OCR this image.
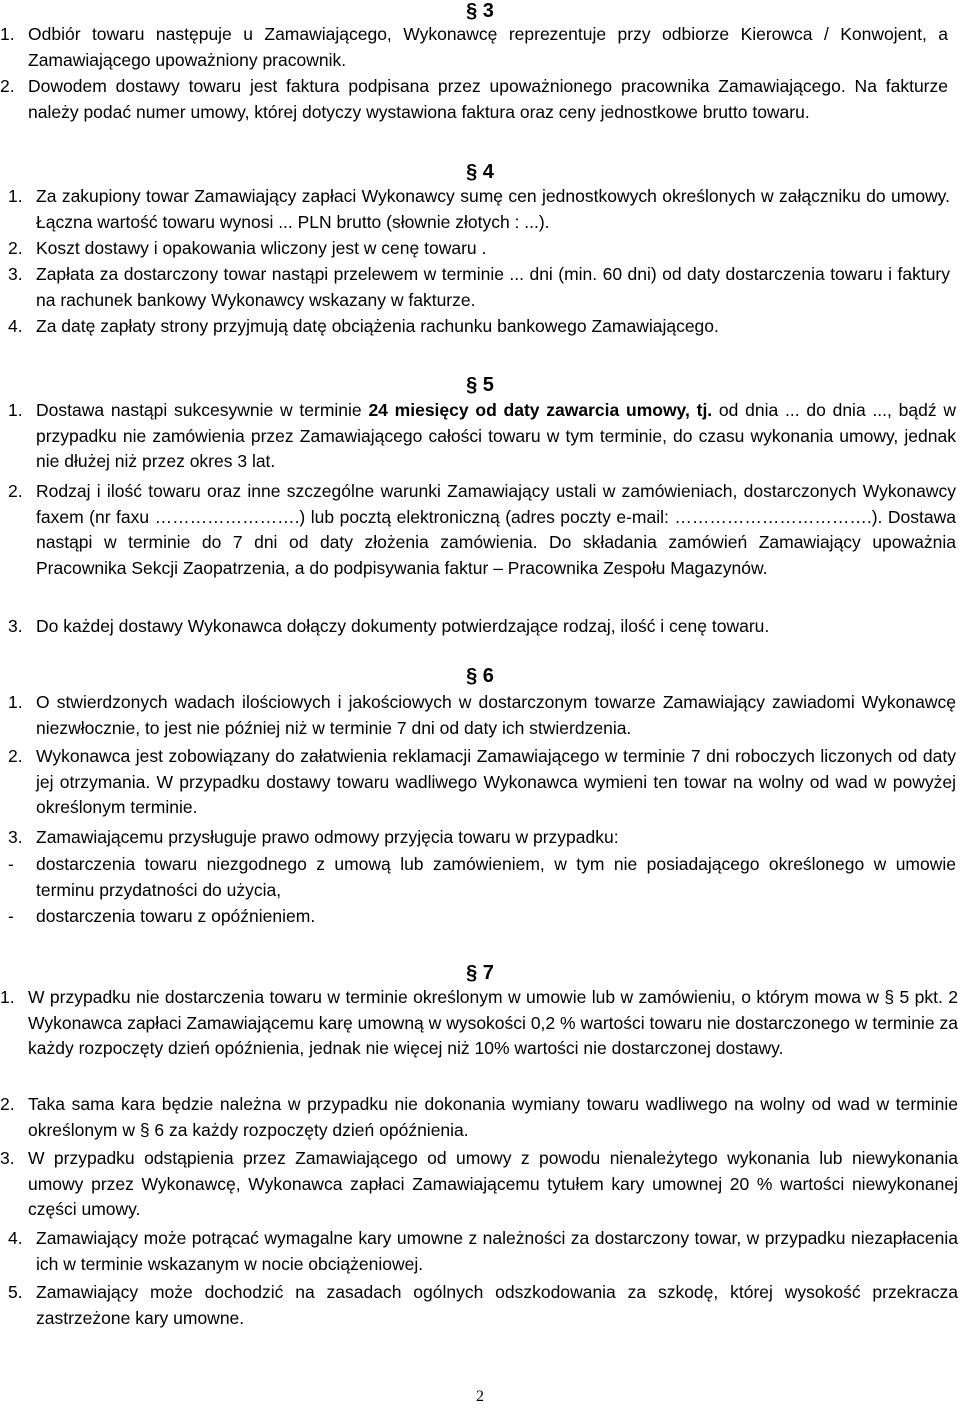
§ 3
1. Odbiór towaru następuje u Zamawiającego, Wykonawcę reprezentuje przy odbiorze Kierowca / Konwojent, a Zamawiającego upoważniony pracownik.
2. Dowodem dostawy towaru jest faktura podpisana przez upoważnionego pracownika Zamawiającego. Na fakturze należy podać numer umowy, której dotyczy wystawiona faktura oraz ceny jednostkowe brutto towaru.
§ 4
1. Za zakupiony towar Zamawiający zapłaci Wykonawcy sumę cen jednostkowych określonych w załączniku do umowy. Łączna wartość towaru wynosi ... PLN brutto (słownie złotych : ...).
2. Koszt dostawy i opakowania wliczony jest w cenę towaru .
3. Zapłata za dostarczony towar nastąpi przelewem w terminie ... dni (min. 60 dni) od daty dostarczenia towaru i faktury na rachunek bankowy Wykonawcy wskazany w fakturze.
4. Za datę zapłaty strony przyjmują datę obciążenia rachunku bankowego Zamawiającego.
§ 5
1. Dostawa nastąpi sukcesywnie w terminie 24 miesięcy od daty zawarcia umowy, tj. od dnia ... do dnia ..., bądź w przypadku nie zamówienia przez Zamawiającego całości towaru w tym terminie, do czasu wykonania umowy, jednak nie dłużej niż przez okres 3 lat.
2. Rodzaj i ilość towaru oraz inne szczególne warunki Zamawiający ustali w zamówieniach, dostarczonych Wykonawcy faxem (nr faxu …………………….) lub pocztą elektroniczną (adres poczty e-mail: …………………………….). Dostawa nastąpi w terminie do 7 dni od daty złożenia zamówienia. Do składania zamówień Zamawiający upoważnia Pracownika Sekcji Zaopatrzenia, a do podpisywania faktur – Pracownika Zespołu Magazynów.
3. Do każdej dostawy Wykonawca dołączy dokumenty potwierdzające rodzaj, ilość i cenę towaru.
§ 6
1. O stwierdzonych wadach ilościowych i jakościowych w dostarczonym towarze Zamawiający zawiadomi Wykonawcę niezwłocznie, to jest nie później niż w terminie 7 dni od daty ich stwierdzenia.
2. Wykonawca jest zobowiązany do załatwienia reklamacji Zamawiającego w terminie 7 dni roboczych liczonych od daty jej otrzymania. W przypadku dostawy towaru wadliwego Wykonawca wymieni ten towar na wolny od wad w powyżej określonym terminie.
3. Zamawiającemu przysługuje prawo odmowy przyjęcia towaru w przypadku:
- dostarczenia towaru niezgodnego z umową lub zamówieniem, w tym nie posiadającego określonego w umowie terminu przydatności do użycia,
- dostarczenia towaru z opóźnieniem.
§ 7
1. W przypadku nie dostarczenia towaru w terminie określonym w umowie lub w zamówieniu, o którym mowa w § 5 pkt. 2 Wykonawca zapłaci Zamawiającemu karę umowną w wysokości 0,2 % wartości towaru nie dostarczonego w terminie za każdy rozpoczęty dzień opóźnienia, jednak nie więcej niż 10% wartości nie dostarczonej dostawy.
2. Taka sama kara będzie należna w przypadku nie dokonania wymiany towaru wadliwego na wolny od wad w terminie określonym w § 6 za każdy rozpoczęty dzień opóźnienia.
3. W przypadku odstąpienia przez Zamawiającego od umowy z powodu nienależytego wykonania lub niewykonania umowy przez Wykonawcę, Wykonawca zapłaci Zamawiającemu tytułem kary umownej 20 % wartości niewykonanej części umowy.
4. Zamawiający może potrącać wymagalne kary umowne z należności za dostarczony towar, w przypadku niezapłacenia ich w terminie wskazanym w nocie obciążeniowej.
5. Zamawiający może dochodzić na zasadach ogólnych odszkodowania za szkodę, której wysokość przekracza zastrzeżone kary umowne.
2
